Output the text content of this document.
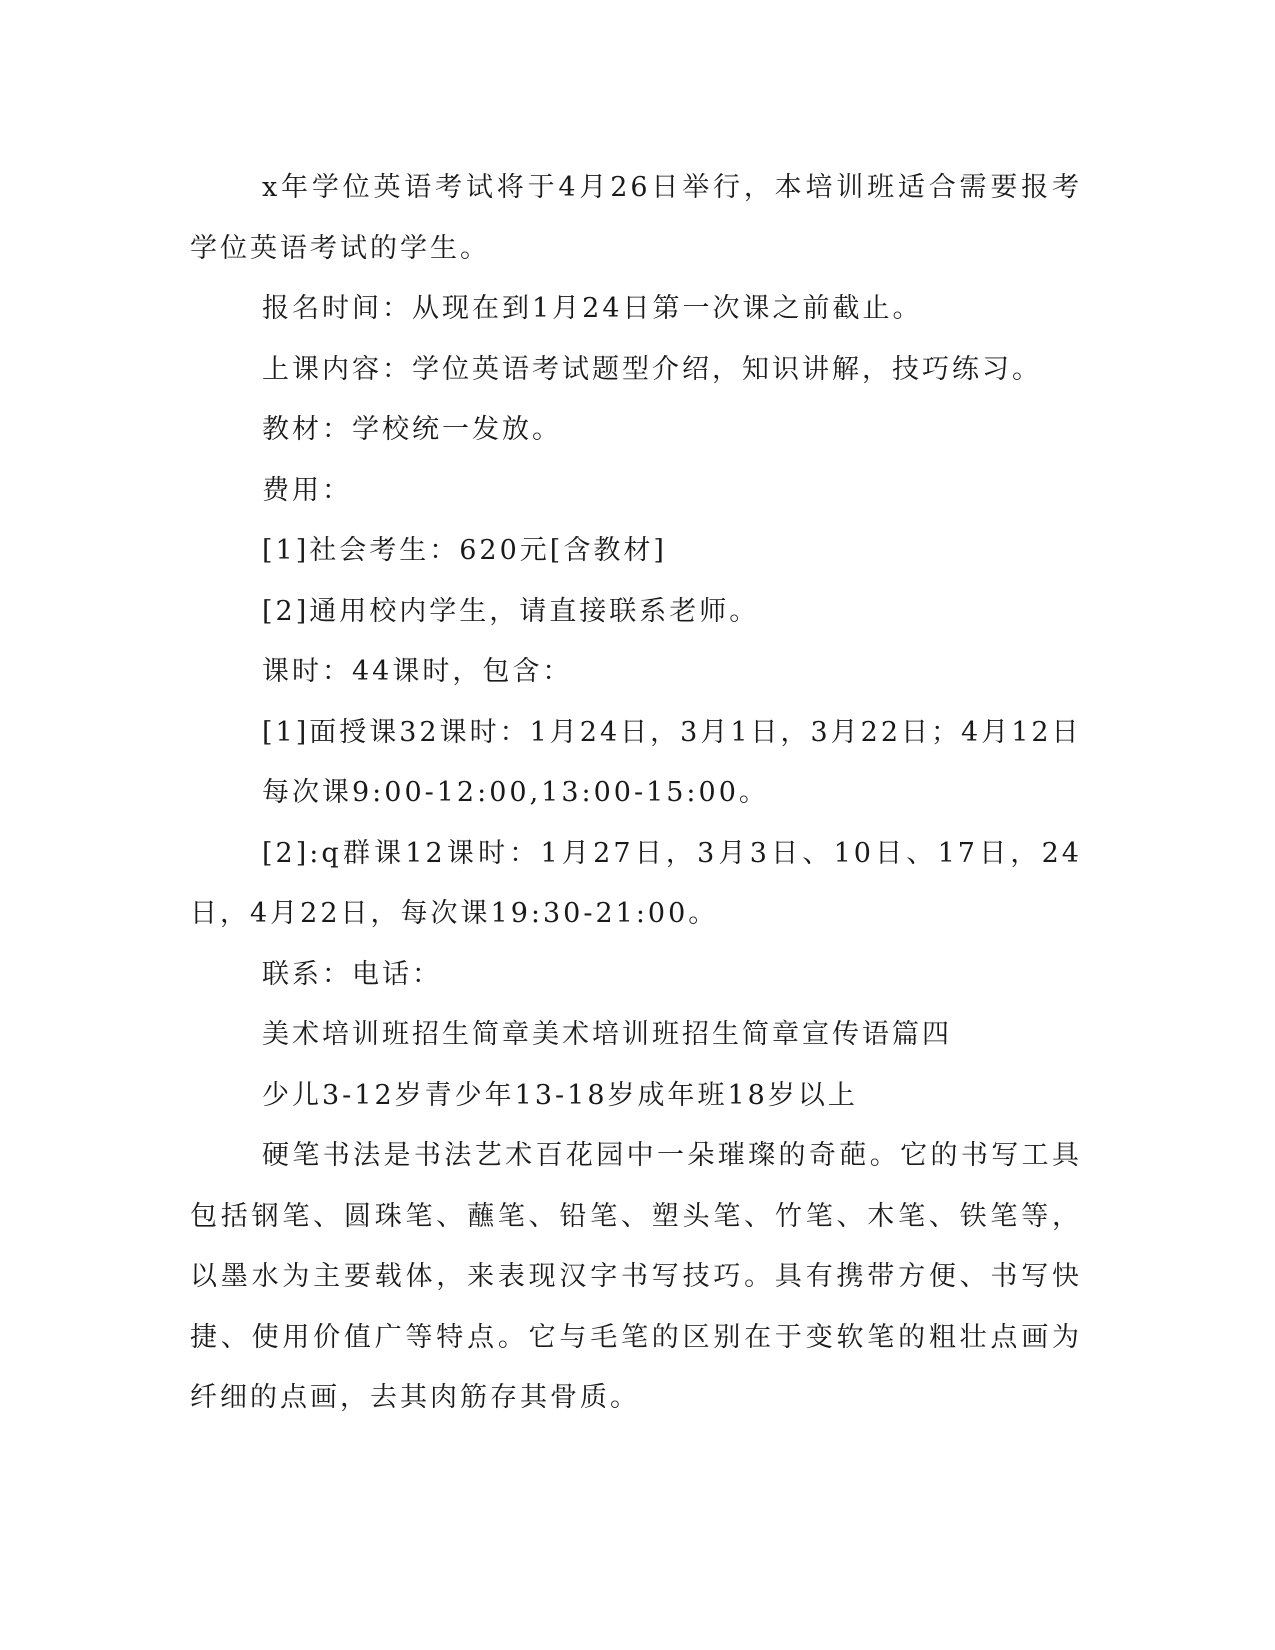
x年学位英语考试将于4月26日举行，本培训班适合需要报考学位英语考试的学生。

报名时间：从现在到1月24日第一次课之前截止。

上课内容：学位英语考试题型介绍，知识讲解，技巧练习。

教材：学校统一发放。

费用：

[1]社会考生：620元[含教材]

[2]通用校内学生，请直接联系老师。

课时：44课时，包含：

[1]面授课32课时：1月24日，3月1日，3月22日；4月12日

每次课9:00-12:00,13:00-15:00。

[2]:q群课12课时：1月27日，3月3日、10日、17日，24日，4月22日，每次课19:30-21:00。

联系：电话：

美术培训班招生简章美术培训班招生简章宣传语篇四

少儿3-12岁青少年13-18岁成年班18岁以上

硬笔书法是书法艺术百花园中一朵璀璨的奇葩。它的书写工具包括钢笔、圆珠笔、蘸笔、铅笔、塑头笔、竹笔、木笔、铁笔等，以墨水为主要载体，来表现汉字书写技巧。具有携带方便、书写快捷、使用价值广等特点。它与毛笔的区别在于变软笔的粗壮点画为纤细的点画，去其肉筋存其骨质。
